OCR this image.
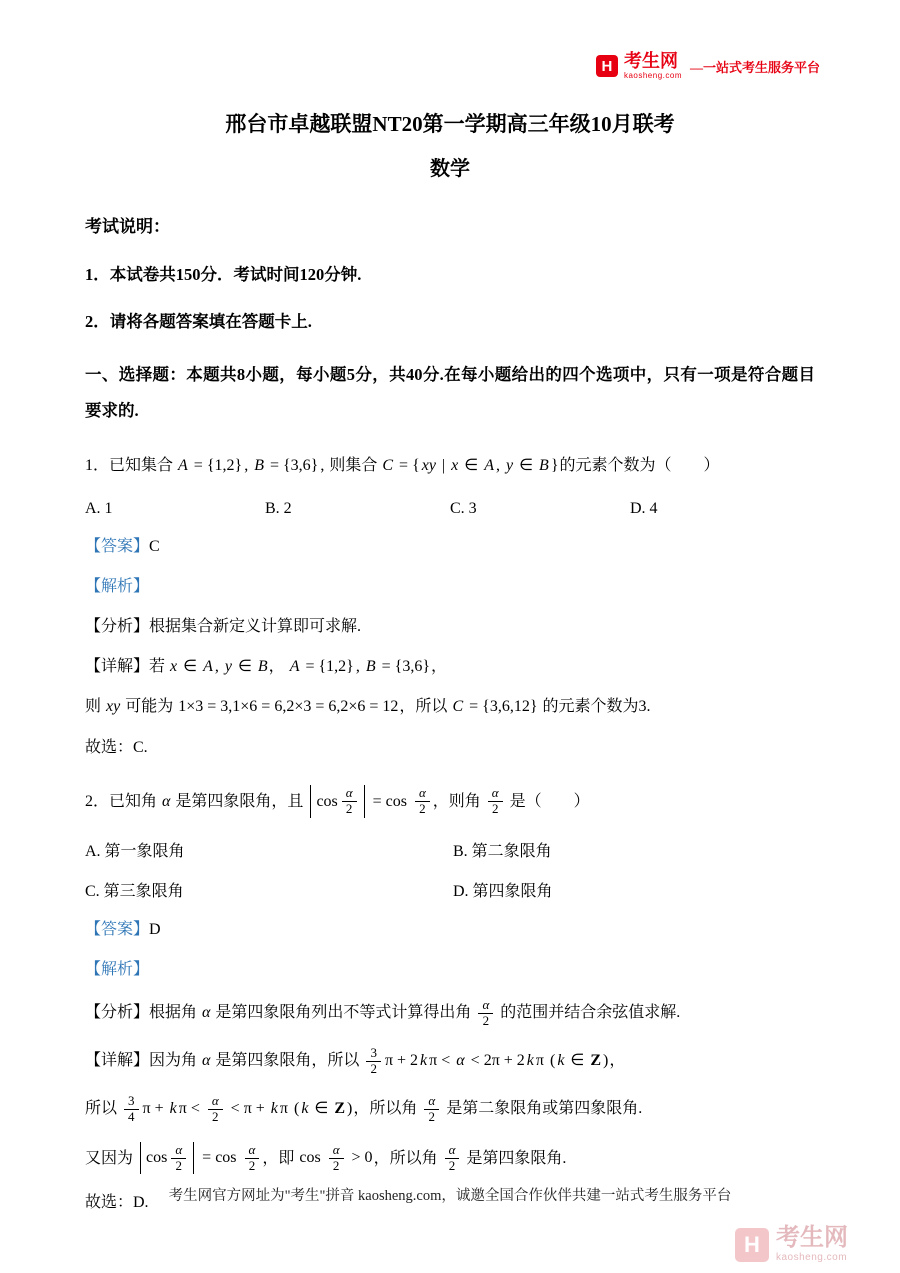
H 考生网
kaosheng.com
—一站式考生服务平台
邢台市卓越联盟NT20第一学期高三年级10月联考
数学

考试说明：

1．本试卷共150分．考试时间120分钟.

2．请将各题答案填在答题卡上.

一、选择题：本题共8小题，每小题5分，共40分.在每小题给出的四个选项中，只有一项是符合题目要求的.

1．已知集合 A = {1,2} , B = {3,6} , 则集合 C = { xy | x ∈ A , y ∈ B }的元素个数为（　　）

A. 1	B. 2	C. 3	D. 4

【答案】C

【解析】

【分析】根据集合新定义计算即可求解.

【详解】若 x ∈ A , y ∈ B， A = {1,2} , B = {3,6}，

则 xy 可能为 1×3 = 3,1×6 = 6,2×3 = 6,2×6 = 12，所以 C = {3,6,12} 的元素个数为3.

故选：C.

2．已知角 α 是第四象限角，且 $\cos \frac{\alpha}{2} = \cos \frac{\alpha}{2}$ ，则角 $\frac{\alpha}{2}$ 是（　　）

A. 第一象限角	B. 第二象限角
C. 第三象限角	D. 第四象限角

【答案】D

【解析】

【分析】根据角 α 是第四象限角列出不等式计算得出角 $\frac{\alpha}{2}$ 的范围并结合余弦值求解.

【详解】因为角 α 是第四象限角，所以 $\frac{3}{2}$ π + 2 k π < α < 2π + 2 k π ( k ∈ Z )，

所以 $\frac{3}{4}$ π + k $\pi < \frac{\alpha}{2} < \pi + k$ π ( k ∈ Z )，所以角 $\frac{\alpha}{2}$ 是第二象限角或第四象限角.

又因为 $\cos \frac{\alpha}{2} = \cos \frac{\alpha}{2}$ ，即 $\cos \frac{\alpha}{2} > 0$，所以角 $\frac{\alpha}{2}$ 是第四象限角.

故选：D.	考生网官方网址为"考生"拼音 kaosheng.com，诚邀全国合作伙伴共建一站式考生服务平台
H 考生网
kaosheng.com
